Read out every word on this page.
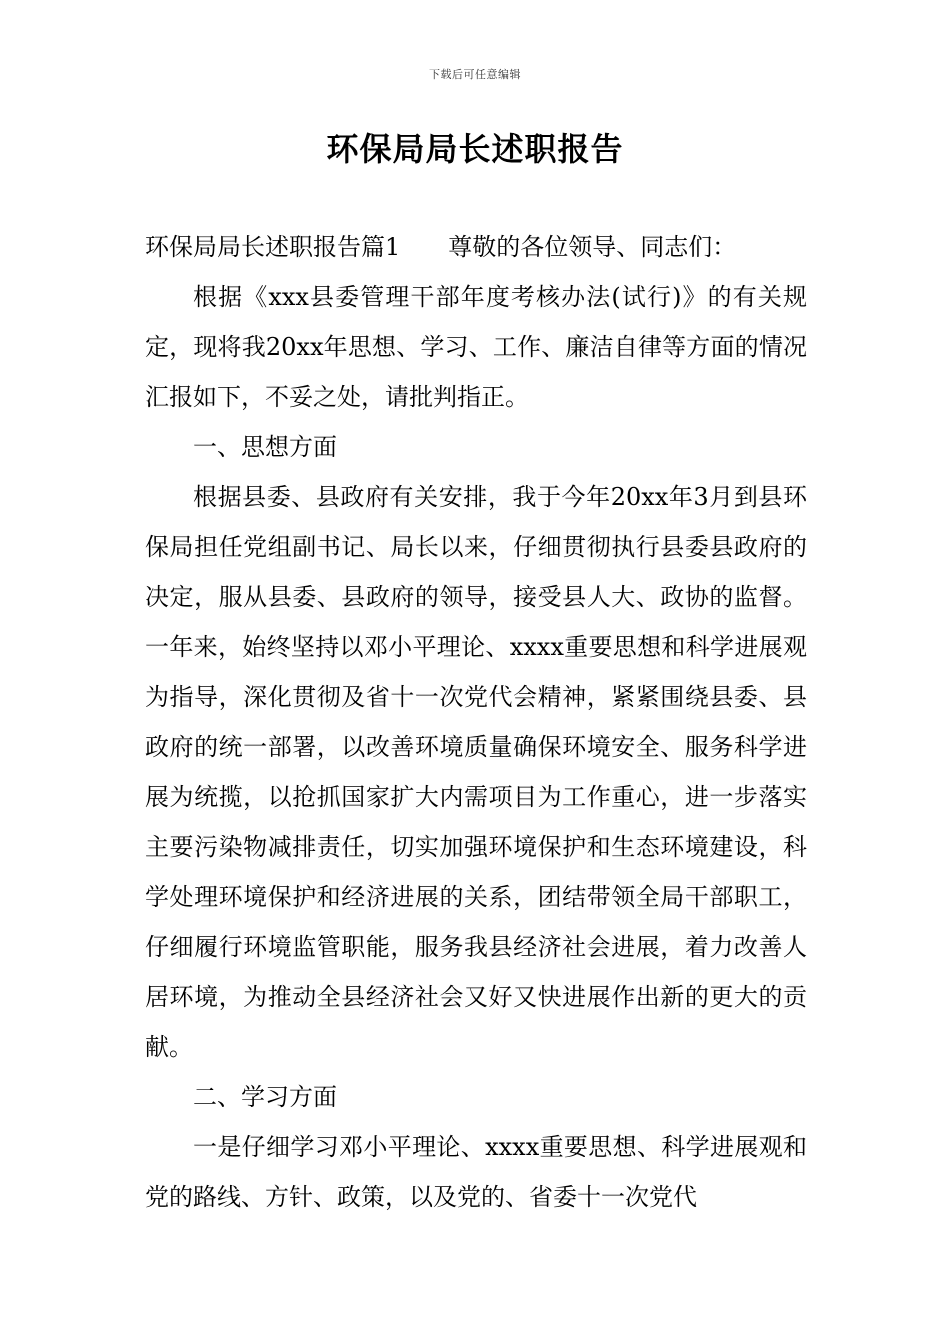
下载后可任意编辑
环保局局长述职报告

环保局局长述职报告篇1 尊敬的各位领导、同志们：

根据《xxx县委管理干部年度考核办法(试行)》的有关规定，现将我20xx年思想、学习、工作、廉洁自律等方面的情况汇报如下，不妥之处，请批判指正。

一、思想方面

根据县委、县政府有关安排，我于今年20xx年3月到县环保局担任党组副书记、局长以来，仔细贯彻执行县委县政府的决定，服从县委、县政府的领导，接受县人大、政协的监督。一年来，始终坚持以邓小平理论、xxxx重要思想和科学进展观为指导，深化贯彻及省十一次党代会精神，紧紧围绕县委、县政府的统一部署，以改善环境质量确保环境安全、服务科学进展为统揽，以抢抓国家扩大内需项目为工作重心，进一步落实主要污染物减排责任，切实加强环境保护和生态环境建设，科学处理环境保护和经济进展的关系，团结带领全局干部职工，仔细履行环境监管职能，服务我县经济社会进展，着力改善人居环境，为推动全县经济社会又好又快进展作出新的更大的贡献。

二、学习方面

一是仔细学习邓小平理论、xxxx重要思想、科学进展观和党的路线、方针、政策，以及党的、省委十一次党代
